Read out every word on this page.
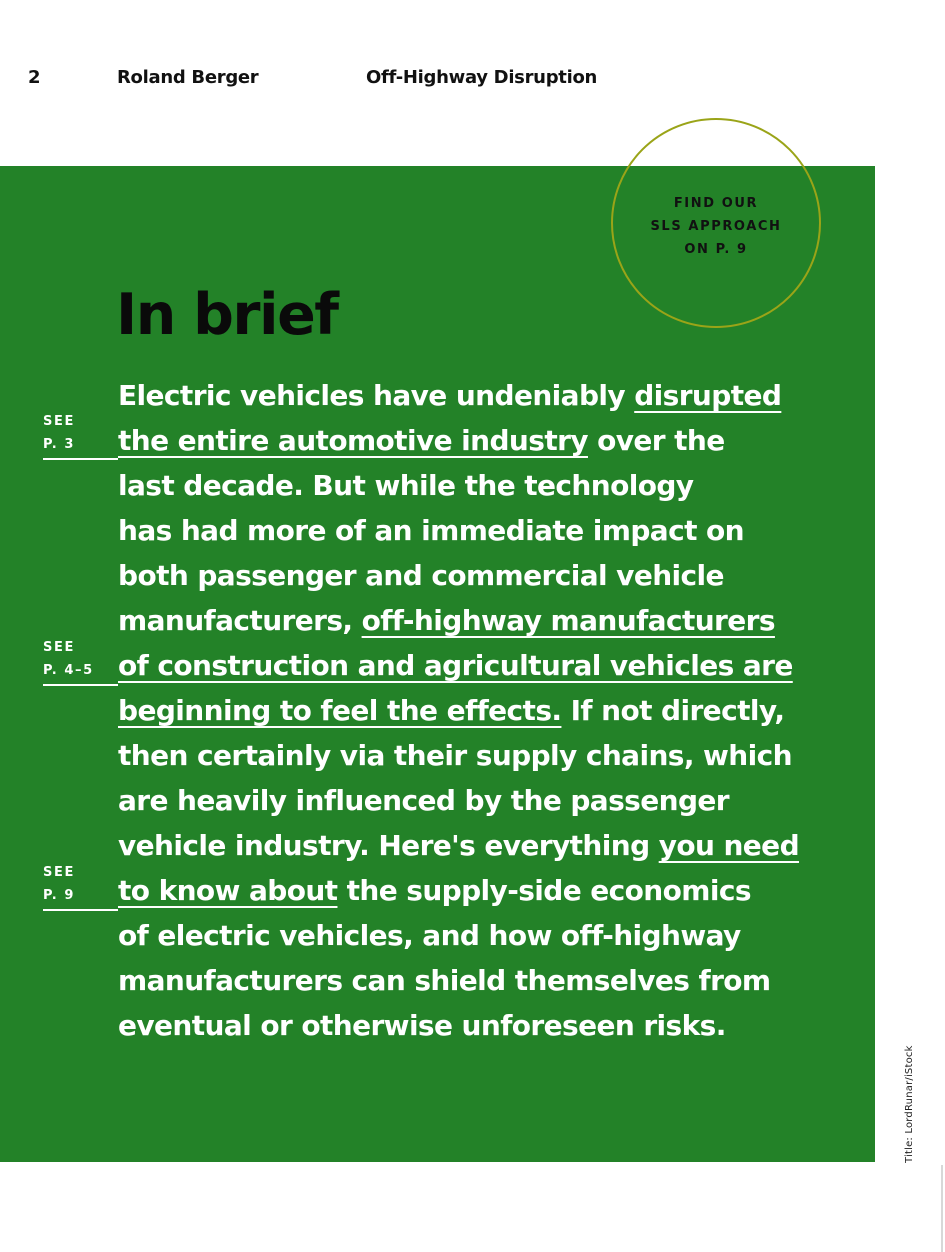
2	Roland Berger	Off-Highway Disruption
FIND OUR
SLS APPROACH
ON P. 9
In brief
Electric vehicles have undeniably disrupted
the entire automotive industry over the
last decade. But while the technology
has had more of an immediate impact on
both passenger and commercial vehicle
manufacturers, off-highway manufacturers
of construction and agricultural vehicles are
beginning to feel the effects. If not directly,
then certainly via their supply chains, which
are heavily influenced by the passenger
vehicle industry. Here's everything you need
to know about the supply-side economics
of electric vehicles, and how off-highway
manufacturers can shield themselves from
eventual or otherwise unforeseen risks.
SEE
P. 3
SEE
P. 4–5
SEE
P. 9
Title: LordRunar/iStock
